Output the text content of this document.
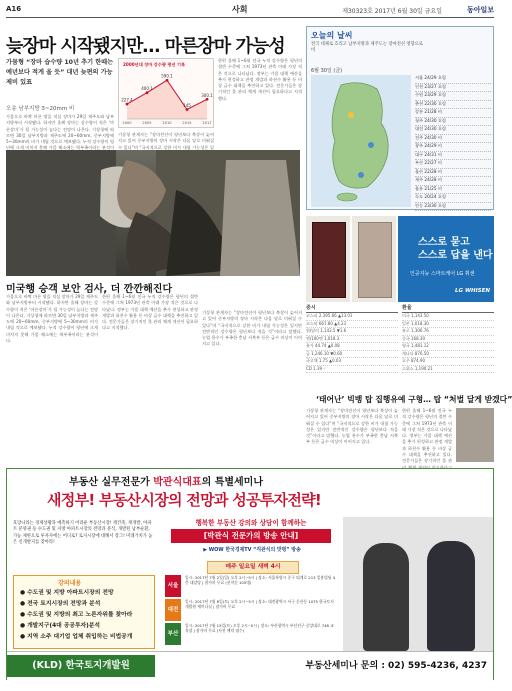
A16	사회	제30323호 2017년 6월 30일 금요일	동아일보
늦장마 시작됐지만… 마른장마 가능성
가뭄형 “장마 습수량 10년 추기 한때는 예년보다 적게 올 듯” 대년 늦편의 가능 제비 있표
오송 남부지방 3~20mm 비
가뭄으로 바짝 마른 땅을 적실 장마가 29일 제주도와 남부지방부터 시작됐다. 하지만 올해 장마는 강수량이 적은 ‘마른장마’가 될 가능성이 높다는 전망이 나온다. 기상청에 따르면 30일 남부지방과 제주도에 20~60mm, 중부지방에 5~30mm의 비가 내릴 것으로 예보됐다. 누적 강수량이 평년에 크게 미치지 못해 가뭄 해소에는 역부족이라는 분석이
기상청 관계자는 “장마전선이 평년보다 북상이 늦어지고 있어 중부지방의 장마 시작은 다음 달로 미뤄질 수 있다”며 “국지적으로 강한 비가 내릴 가능성은 있
한편 올해 1~6월 전국 누적 강수량은 평년의 절반 수준에 그쳐 1973년 관측 이래 가장 적은 것으로 나타났다. 정부는 가뭄 대책 예산을 추가 편성하고 관정 개발과 하천수 활용 등 비상 급수 대책을 추진하고 있다. 전문가들은 장기적인 물 관리 체계 개선이 필요하다고 지적했다.
2000년대 장마 강수량 평년 기록
227.4
2000
400.1
2005
590.1
2010
145
2015
300.1
2017
미국행 승객 보안 검사, 더 깐깐해진다
가뭄으로 바짝 마른 땅을 적실 장마가 29일 제주도와 남부지방부터 시작됐다. 하지만 올해 장마는 강수량이 적은 ‘마른장마’가 될 가능성이 높다는 전망이 나온다. 기상청에 따르면 30일 남부지방과 제주도에 20~60mm, 중부지방에 5~30mm의 비가 내릴 것으로 예보됐다. 누적 강수량이 평년에 크게 미치지 못해 가뭄 해소에는 역부족이라는 분석이다.
한편 올해 1~6월 전국 누적 강수량은 평년의 절반 수준에 그쳐 1973년 관측 이래 가장 적은 것으로 나타났다. 정부는 가뭄 대책 예산을 추가 편성하고 관정 개발과 하천수 활용 등 비상 급수 대책을 추진하고 있다. 전문가들은 장기적인 물 관리 체계 개선이 필요하다고 지적했다.
기상청 관계자는 “장마전선이 평년보다 북상이 늦어지고 있어 중부지방의 장마 시작은 다음 달로 미뤄질 수 있다”며 “국지적으로 강한 비가 내릴 가능성은 있지만 전반적인 강수량은 평년보다 적을 것”이라고 말했다. 농업 용수가 부족한 충남 서북부 등은 급수 비상이 이어지고 있다.
오늘의 날씨
전국 대체로 흐리고 남부지방과 제주도는 장마전선 영향으로 비
6월 30일 (금)
서울 24/29 흐림
인천 23/27 흐림
수원 23/29 흐림
춘천 22/30 흐림
강릉 21/28 비
청주 24/30 흐림
대전 24/30 흐림
전주 24/30 비
광주 24/29 비
대구 24/31 비
부산 22/27 비
울산 22/28 비
제주 24/28 비
울릉 21/25 비
독도 20/24 흐림
안동 23/30 흐림
스스로 묻고
스스로 답을 낸다
인공지능 스마트케어 LG 휘센
LG WHISEN
증시
코스피 2,395.66 ▲13.01
코스닥 667.80 ▲4.23
원/달러 1,143.5 ▼1.6
엔/100엔 1,018.3
유가 44.74 ▲0.08
금 1,246.10 ▼0.60
국고채 1.75 ▲0.03
CD 1.39 -
환율
미국 1,143.50
일본 1,018.30
유로 1,306.76
중국 168.30
영국 1,481.12
캐나다 876.50
호주 874.90
스위스 1,190.21
‘태어난’ 빅뱅 탑 집행유예 구형… 탑 “처벌 달게 받겠다”
기상청 관계자는 “장마전선이 평년보다 북상이 늦어지고 있어 중부지방의 장마 시작은 다음 달로 미뤄질 수 있다”며 “국지적으로 강한 비가 내릴 가능성은 있지만 전반적인 강수량은 평년보다 적을 것”이라고 말했다. 농업 용수가 부족한 충남 서북부 등은 급수 비상이 이어지고 있다.
한편 올해 1~6월 전국 누적 강수량은 평년의 절반 수준에 그쳐 1973년 관측 이래 가장 적은 것으로 나타났다. 정부는 가뭄 대책 예산을 추가 편성하고 관정 개발과 하천수 활용 등 비상 급수 대책을 추진하고 있다. 전문가들은 장기적인 물 관
부동산 실무전문가 박관식대표의 특별세미나
새정부! 부동산시장의 전망과 성공투자전략!
호랑나라는 경제상황과 예측하기 어려운 부동산시장! 재건축, 재개발, 아파트 분양권 등 수도권 및 지방 아파트시장의 전망과 분석, 개발된 남부순환, 가능 제한으로 투자자에는 어디로? 토지시장에 대해서 장그! 미래가치가 높은 신개발지를 찾아라!
강의내용
● 수도권 및 지방 아파트시장의 전망
● 전국 토지시장의 전망과 분석
● 수도권 및 지방의 최고 노른자위를 찾아라
● 개발지구(4대 공공투자)분석
● 지역 소주 대기업 업체 취입하는 비법공개
행복한 부동산 강의와 상담이 함께하는
[박관식 전문가의 방송 안내]
▶ WOW 한국경제TV “직관식의 맛평” 방송
매주 일요일 새벽 4시
서울
일시: 2017년 7월 2일(일) 오후 2시~5시 | 장소: 서울특별시 중구 퇴계로 213 일흥빌딩 4층 대강당 | 참가비 무료 (선착순 100명)
대전
일시: 2017년 7월 8일(토) 오후 2시~5시 | 장소: 대전광역시 서구 둔산동 1075 한국토지개발원 세미나실 | 참가비 무료
부산
일시: 2017년 7월 15일(토) 오후 2시~5시 | 장소: 부산광역시 부산진구 중앙대로 748 교육장 | 참가비 무료 (사전 예약 필수)
(KLD) 한국토지개발원	부동산세미나 문의 : 02) 595-4236, 4237
